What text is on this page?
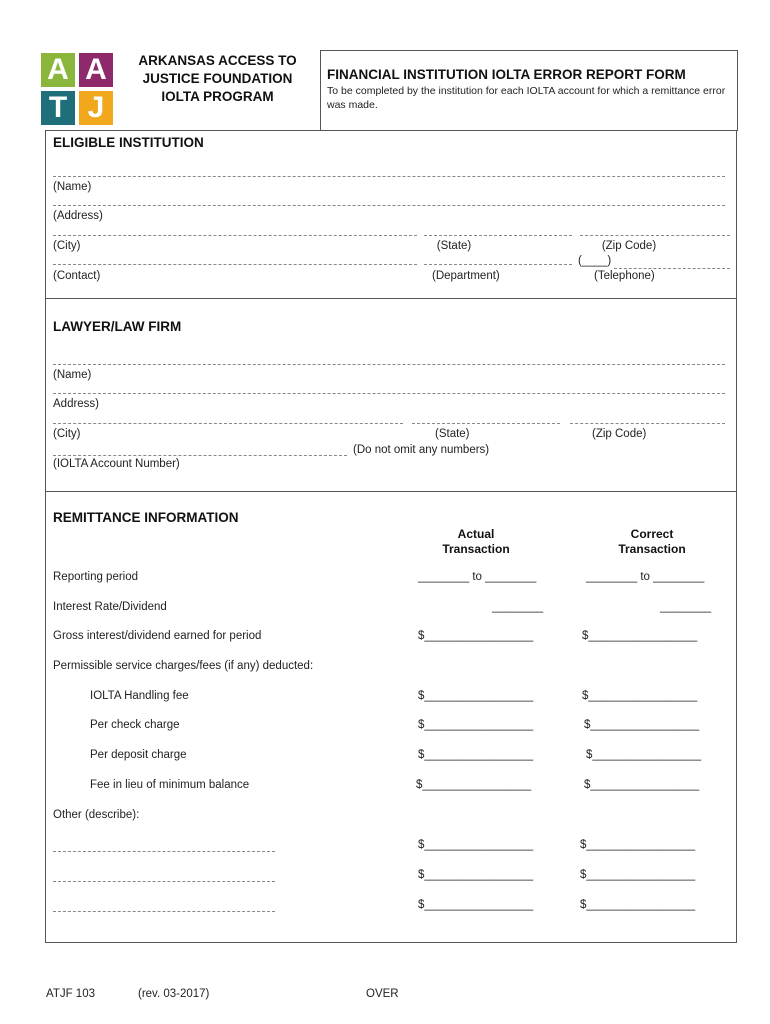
A A
T J
ARKANSAS ACCESS TO
JUSTICE FOUNDATION
IOLTA PROGRAM
FINANCIAL INSTITUTION IOLTA ERROR REPORT FORM
To be completed by the institution for each IOLTA account for which a remittance error was made.
ELIGIBLE INSTITUTION
(Name)
(Address)
(City)	(State)	(Zip Code)
(____)
(Contact)	(Department)	(Telephone)
LAWYER/LAW FIRM
(Name)
Address)
(City)	(State)	(Zip Code)
(Do not omit any numbers)
(IOLTA Account Number)
REMITTANCE INFORMATION
Actual
Transaction
Correct
Transaction
Reporting period	________ to ________	________ to ________
Interest Rate/Dividend	________	________
Gross interest/dividend earned for period	$_________________	$_________________
Permissible service charges/fees (if any) deducted:
IOLTA Handling fee	$_________________	$_________________
Per check charge	$_________________	$_________________
Per deposit charge	$_________________	$_________________
Fee in lieu of minimum balance	$_________________	$_________________
Other (describe):
$_________________	$_________________
$_________________	$_________________
$_________________	$_________________
ATJF 103	(rev. 03-2017)	OVER
